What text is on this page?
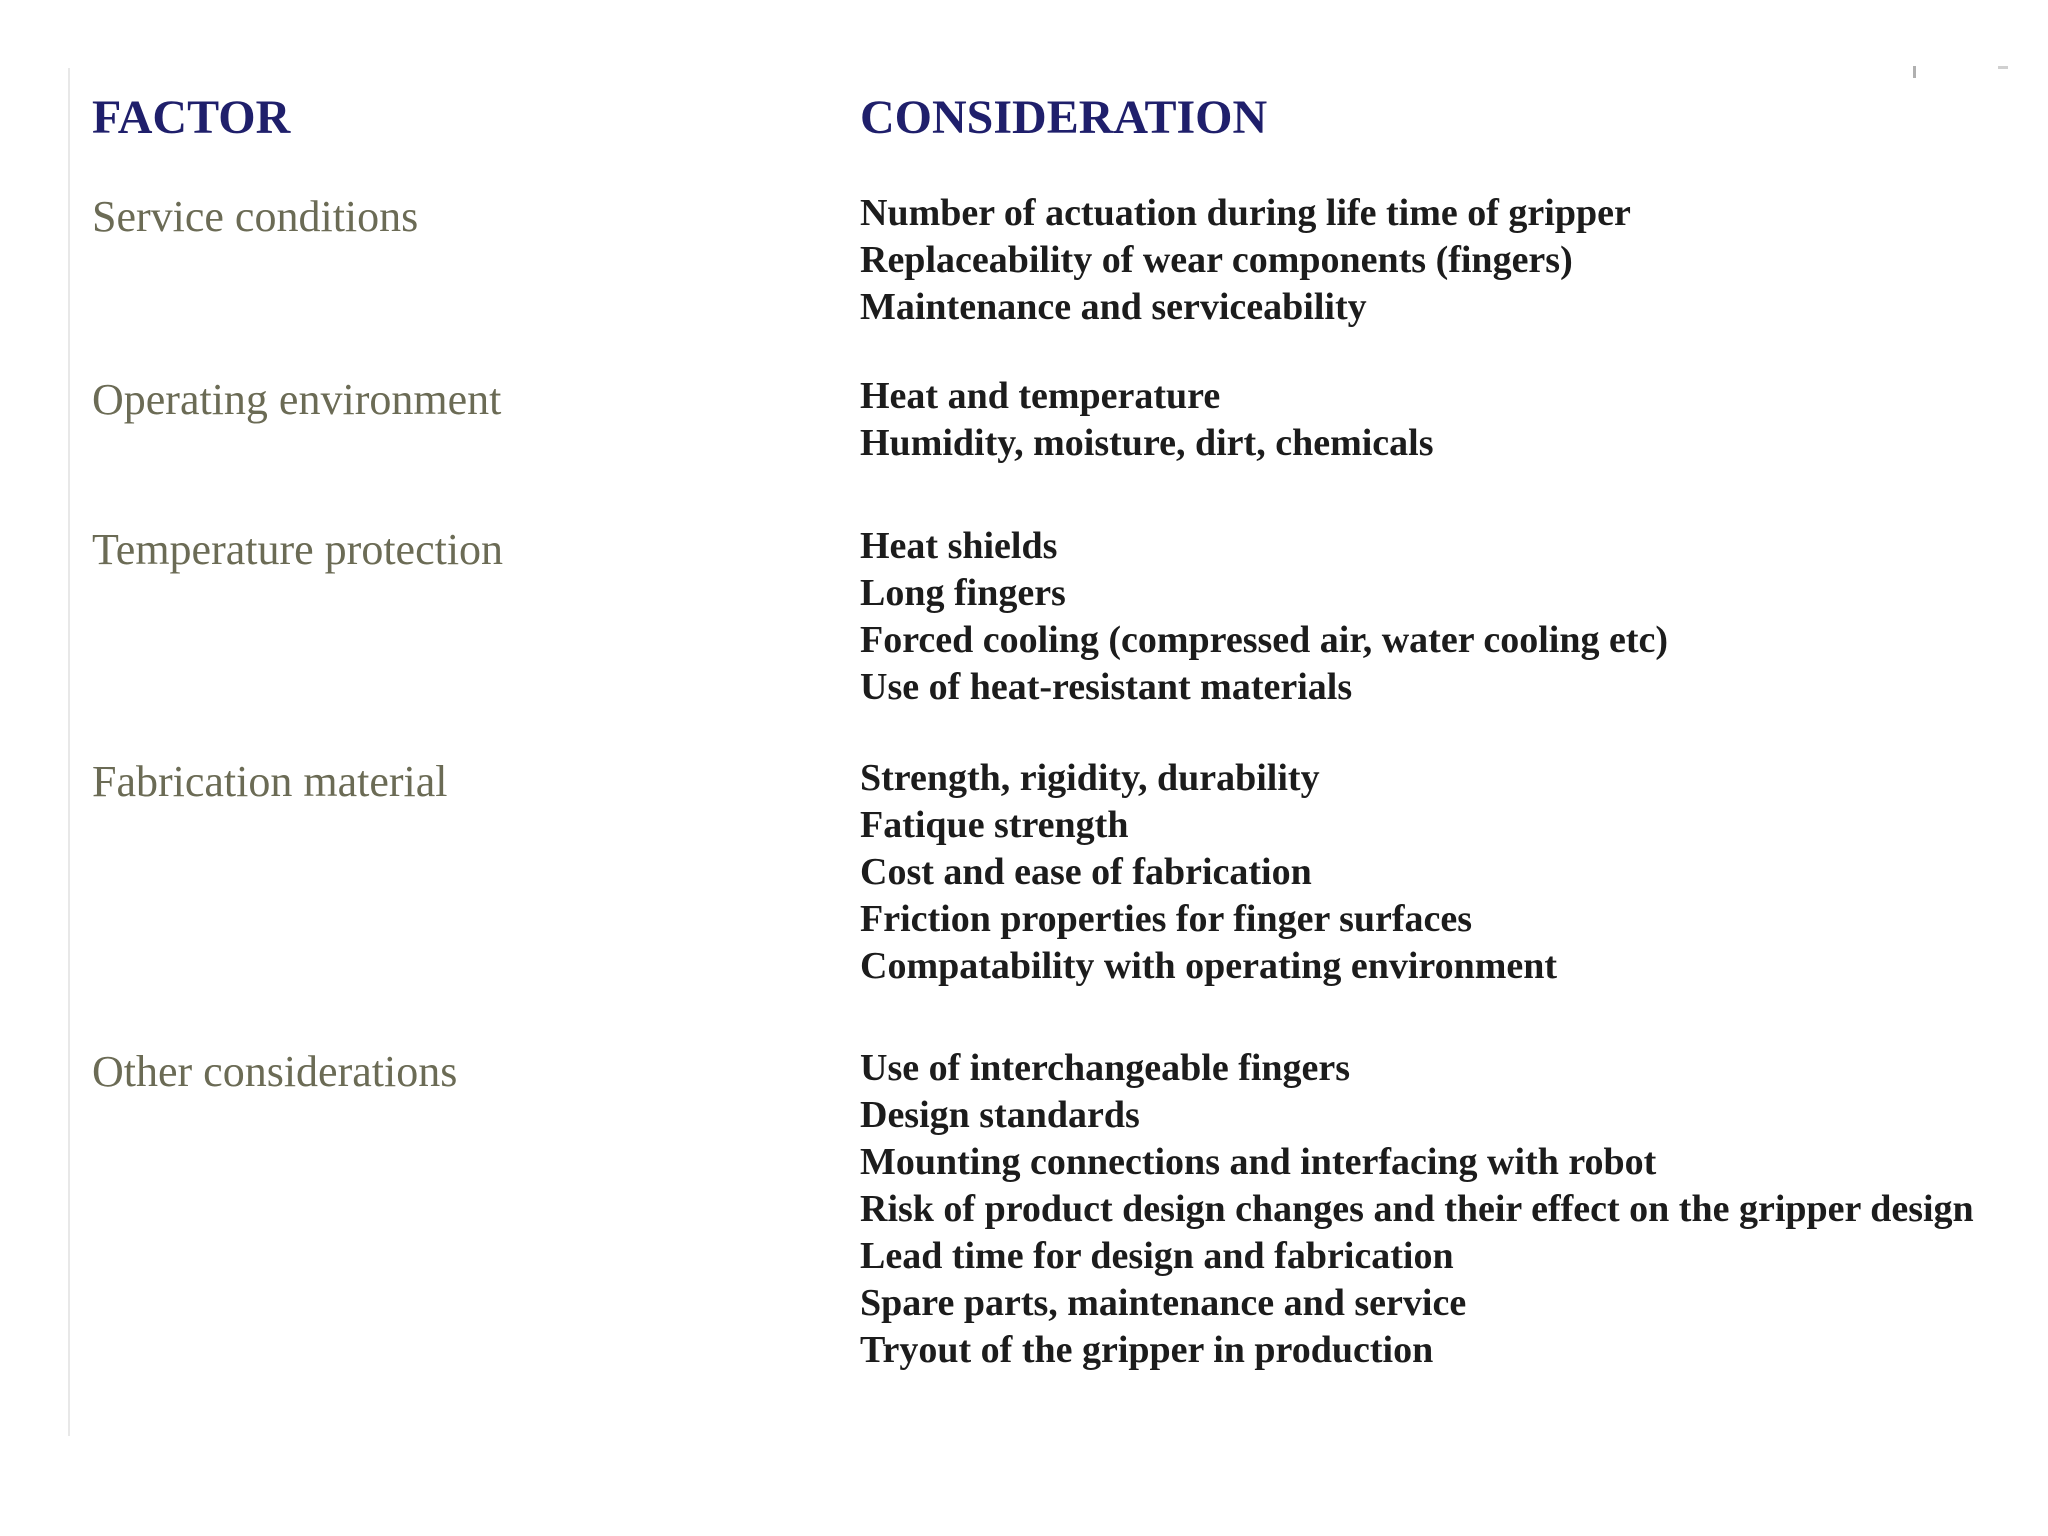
FACTOR	CONSIDERATION
Service conditions	Number of actuation during life time of gripper
Replaceability of wear components (fingers)
Maintenance and serviceability
Operating environment	Heat and temperature
Humidity, moisture, dirt, chemicals
Temperature protection	Heat shields
Long fingers
Forced cooling (compressed air, water cooling etc)
Use of heat-resistant materials
Fabrication material	Strength, rigidity, durability
Fatique strength
Cost and ease of fabrication
Friction properties for finger surfaces
Compatability with operating environment
Other considerations	Use of interchangeable fingers
Design standards
Mounting connections and interfacing with robot
Risk of product design changes and their effect on the gripper design
Lead time for design and fabrication
Spare parts, maintenance and service
Tryout of the gripper in production
